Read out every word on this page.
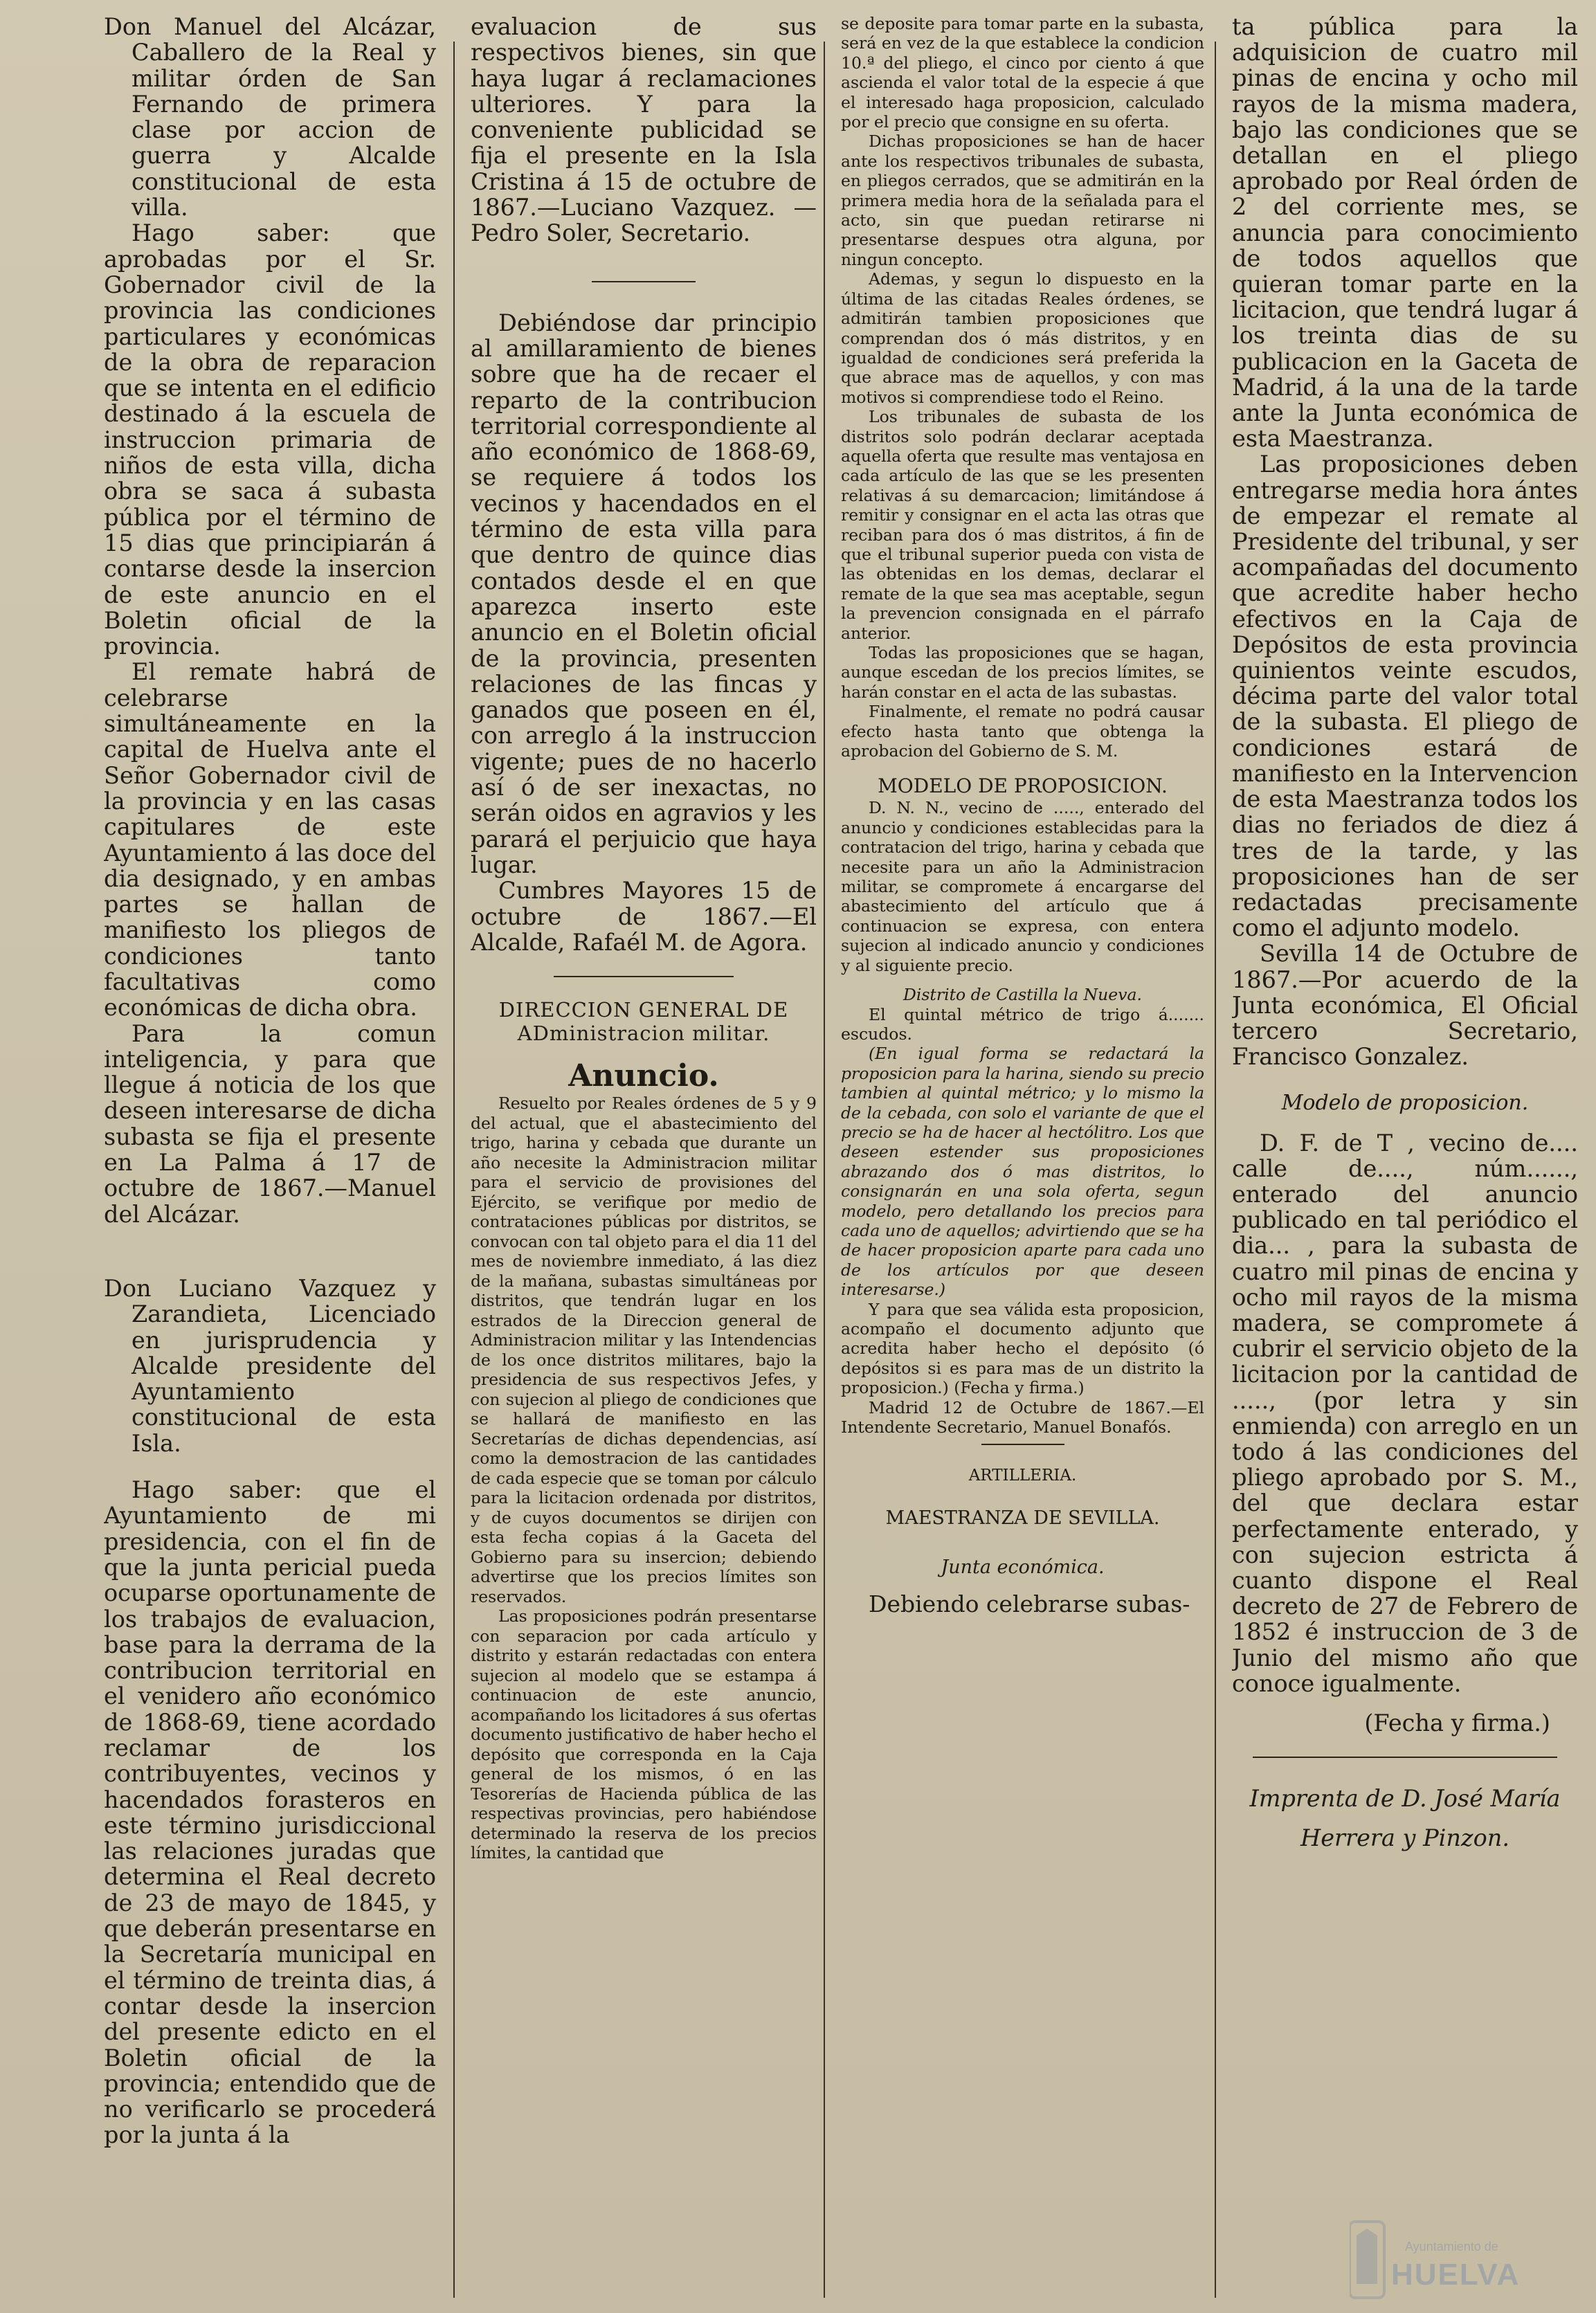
Don Manuel del Alcázar, Caballero de la Real y militar órden de San Fernando de primera clase por accion de guerra y Alcalde constitucional de esta villa.

Hago saber: que aprobadas por el Sr. Gobernador civil de la provincia las condiciones particulares y económicas de la obra de reparacion que se intenta en el edificio destinado á la escuela de instruccion primaria de niños de esta villa, dicha obra se saca á subasta pública por el término de 15 dias que principiarán á contarse desde la insercion de este anuncio en el Boletin oficial de la provincia.

El remate habrá de celebrarse simultáneamente en la capital de Huelva ante el Señor Gobernador civil de la provincia y en las casas capitulares de este Ayuntamiento á las doce del dia designado, y en ambas partes se hallan de manifiesto los pliegos de condiciones tanto facultativas como económicas de dicha obra.

Para la comun inteligencia, y para que llegue á noticia de los que deseen interesarse de dicha subasta se fija el presente en La Palma á 17 de octubre de 1867.—Manuel del Alcázar.

Don Luciano Vazquez y Zarandieta, Licenciado en jurisprudencia y Alcalde presidente del Ayuntamiento constitucional de esta Isla.

Hago saber: que el Ayuntamiento de mi presidencia, con el fin de que la junta pericial pueda ocuparse oportunamente de los trabajos de evaluacion, base para la derrama de la contribucion territorial en el venidero año económico de 1868-69, tiene acordado reclamar de los contribuyentes, vecinos y hacendados forasteros en este término jurisdiccional las relaciones juradas que determina el Real decreto de 23 de mayo de 1845, y que deberán presentarse en la Secretaría municipal en el término de treinta dias, á contar desde la insercion del presente edicto en el Boletin oficial de la provincia; entendido que de no verificarlo se procederá por la junta á la

evaluacion de sus respectivos bienes, sin que haya lugar á reclamaciones ulteriores. Y para la conveniente publicidad se fija el presente en la Isla Cristina á 15 de octubre de 1867.—Luciano Vazquez. —Pedro Soler, Secretario.

Debiéndose dar principio al amillaramiento de bienes sobre que ha de recaer el reparto de la contribucion territorial correspondiente al año económico de 1868-69, se requiere á todos los vecinos y hacendados en el término de esta villa para que dentro de quince dias contados desde el en que aparezca inserto este anuncio en el Boletin oficial de la provincia, presenten relaciones de las fincas y ganados que poseen en él, con arreglo á la instruccion vigente; pues de no hacerlo así ó de ser inexactas, no serán oidos en agravios y les parará el perjuicio que haya lugar.

Cumbres Mayores 15 de octubre de 1867.—El Alcalde, Rafaél M. de Agora.

DIRECCION GENERAL DE ADministracion militar.

Anuncio.

Resuelto por Reales órdenes de 5 y 9 del actual, que el abastecimiento del trigo, harina y cebada que durante un año necesite la Administracion militar para el servicio de provisiones del Ejército, se verifique por medio de contrataciones públicas por distritos, se convocan con tal objeto para el dia 11 del mes de noviembre inmediato, á las diez de la mañana, subastas simultáneas por distritos, que tendrán lugar en los estrados de la Direccion general de Administracion militar y las Intendencias de los once distritos militares, bajo la presidencia de sus respectivos Jefes, y con sujecion al pliego de condiciones que se hallará de manifiesto en las Secretarías de dichas dependencias, así como la demostracion de las cantidades de cada especie que se toman por cálculo para la licitacion ordenada por distritos, y de cuyos documentos se dirijen con esta fecha copias á la Gaceta del Gobierno para su insercion; debiendo advertirse que los precios límites son reservados.

Las proposiciones podrán presentarse con separacion por cada artículo y distrito y estarán redactadas con entera sujecion al modelo que se estampa á continuacion de este anuncio, acompañando los licitadores á sus ofertas documento justificativo de haber hecho el depósito que corresponda en la Caja general de los mismos, ó en las Tesorerías de Hacienda pública de las respectivas provincias, pero habiéndose determinado la reserva de los precios límites, la cantidad que

se deposite para tomar parte en la subasta, será en vez de la que establece la condicion 10.ª del pliego, el cinco por ciento á que ascienda el valor total de la especie á que el interesado haga proposicion, calculado por el precio que consigne en su oferta.

Dichas proposiciones se han de hacer ante los respectivos tribunales de subasta, en pliegos cerrados, que se admitirán en la primera media hora de la señalada para el acto, sin que puedan retirarse ni presentarse despues otra alguna, por ningun concepto.

Ademas, y segun lo dispuesto en la última de las citadas Reales órdenes, se admitirán tambien proposiciones que comprendan dos ó más distritos, y en igualdad de condiciones será preferida la que abrace mas de aquellos, y con mas motivos si comprendiese todo el Reino.

Los tribunales de subasta de los distritos solo podrán declarar aceptada aquella oferta que resulte mas ventajosa en cada artículo de las que se les presenten relativas á su demarcacion; limitándose á remitir y consignar en el acta las otras que reciban para dos ó mas distritos, á fin de que el tribunal superior pueda con vista de las obtenidas en los demas, declarar el remate de la que sea mas aceptable, segun la prevencion consignada en el párrafo anterior.

Todas las proposiciones que se hagan, aunque escedan de los precios límites, se harán constar en el acta de las subastas.

Finalmente, el remate no podrá causar efecto hasta tanto que obtenga la aprobacion del Gobierno de S. M.

MODELO DE PROPOSICION.

D. N. N., vecino de ....., enterado del anuncio y condiciones establecidas para la contratacion del trigo, harina y cebada que necesite para un año la Administracion militar, se compromete á encargarse del abastecimiento del artículo que á continuacion se expresa, con entera sujecion al indicado anuncio y condiciones y al siguiente precio.

Distrito de Castilla la Nueva.

El quintal métrico de trigo á....... escudos.

(En igual forma se redactará la proposicion para la harina, siendo su precio tambien al quintal métrico; y lo mismo la de la cebada, con solo el variante de que el precio se ha de hacer al hectólitro. Los que deseen estender sus proposiciones abrazando dos ó mas distritos, lo consignarán en una sola oferta, segun modelo, pero detallando los precios para cada uno de aquellos; advirtiendo que se ha de hacer proposicion aparte para cada uno de los artículos por que deseen interesarse.)

Y para que sea válida esta proposicion, acompaño el documento adjunto que acredita haber hecho el depósito (ó depósitos si es para mas de un distrito la proposicion.) (Fecha y firma.)

Madrid 12 de Octubre de 1867.—El Intendente Secretario, Manuel Bonafós.

ARTILLERIA.

MAESTRANZA DE SEVILLA.

Junta económica.

Debiendo celebrarse subas-

ta pública para la adquisicion de cuatro mil pinas de encina y ocho mil rayos de la misma madera, bajo las condiciones que se detallan en el pliego aprobado por Real órden de 2 del corriente mes, se anuncia para conocimiento de todos aquellos que quieran tomar parte en la licitacion, que tendrá lugar á los treinta dias de su publicacion en la Gaceta de Madrid, á la una de la tarde ante la Junta económica de esta Maestranza.

Las proposiciones deben entregarse media hora ántes de empezar el remate al Presidente del tribunal, y ser acompañadas del documento que acredite haber hecho efectivos en la Caja de Depósitos de esta provincia quinientos veinte escudos, décima parte del valor total de la subasta. El pliego de condiciones estará de manifiesto en la Intervencion de esta Maestranza todos los dias no feriados de diez á tres de la tarde, y las proposiciones han de ser redactadas precisamente como el adjunto modelo.

Sevilla 14 de Octubre de 1867.—Por acuerdo de la Junta económica, El Oficial tercero Secretario, Francisco Gonzalez.

Modelo de proposicion.

D. F. de T , vecino de.... calle de...., núm......, enterado del anuncio publicado en tal periódico el dia... , para la subasta de cuatro mil pinas de encina y ocho mil rayos de la misma madera, se compromete á cubrir el servicio objeto de la licitacion por la cantidad de ....., (por letra y sin enmienda) con arreglo en un todo á las condiciones del pliego aprobado por S. M., del que declara estar perfectamente enterado, y con sujecion estricta á cuanto dispone el Real decreto de 27 de Febrero de 1852 é instruccion de 3 de Junio del mismo año que conoce igualmente.

(Fecha y firma.)

Imprenta de D. José María

Herrera y Pinzon.

Ayuntamiento de
HUELVA
